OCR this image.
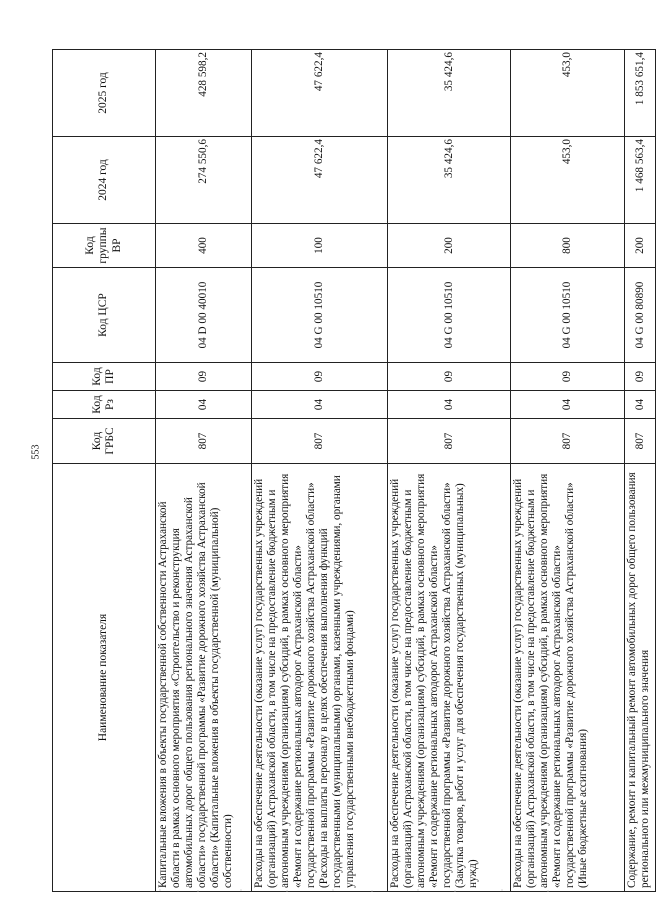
553
Наименование показателя	Код ГРБС	Код Рз	Код ПР	Код ЦСР	Код группы ВР	2024 год	2025 год
Капитальные вложения в объекты государственной собственности Астраханской области в рамках основного мероприятия «Строительство и реконструкция автомобильных дорог общего пользования регионального значения Астраханской области» государственной программы «Развитие дорожного хозяйства Астраханской области» (Капитальные вложения в объекты государственной (муниципальной) собственности)	807	04	09	04 D 00 40010	400	274 550,6	428 598,2
Расходы на обеспечение деятельности (оказание услуг) государственных учреждений (организаций) Астраханской области, в том числе на предоставление бюджетным и автономным учреждениям (организациям) субсидий, в рамках основного мероприятия «Ремонт и содержание региональных автодорог Астраханской области» государственной программы «Развитие дорожного хозяйства Астраханской области» (Расходы на выплаты персоналу в целях обеспечения выполнения функций государственными (муниципальными) органами, казенными учреждениями, органами управления государственными внебюджетными фондами)	807	04	09	04 G 00 10510	100	47 622,4	47 622,4
Расходы на обеспечение деятельности (оказание услуг) государственных учреждений (организаций) Астраханской области, в том числе на предоставление бюджетным и автономным учреждениям (организациям) субсидий, в рамках основного мероприятия «Ремонт и содержание региональных автодорог Астраханской области» государственной программы «Развитие дорожного хозяйства Астраханской области» (Закупка товаров, работ и услуг для обеспечения государственных (муниципальных) нужд)	807	04	09	04 G 00 10510	200	35 424,6	35 424,6
Расходы на обеспечение деятельности (оказание услуг) государственных учреждений (организаций) Астраханской области, в том числе на предоставление бюджетным и автономным учреждениям (организациям) субсидий, в рамках основного мероприятия «Ремонт и содержание региональных автодорог Астраханской области» государственной программы «Развитие дорожного хозяйства Астраханской области» (Иные бюджетные ассигнования)	807	04	09	04 G 00 10510	800	453,0	453,0
Содержание, ремонт и капитальный ремонт автомобильных дорог общего пользования регионального или межмуниципального значения	807	04	09	04 G 00 80890	200	1 468 563,4	1 853 651,4
